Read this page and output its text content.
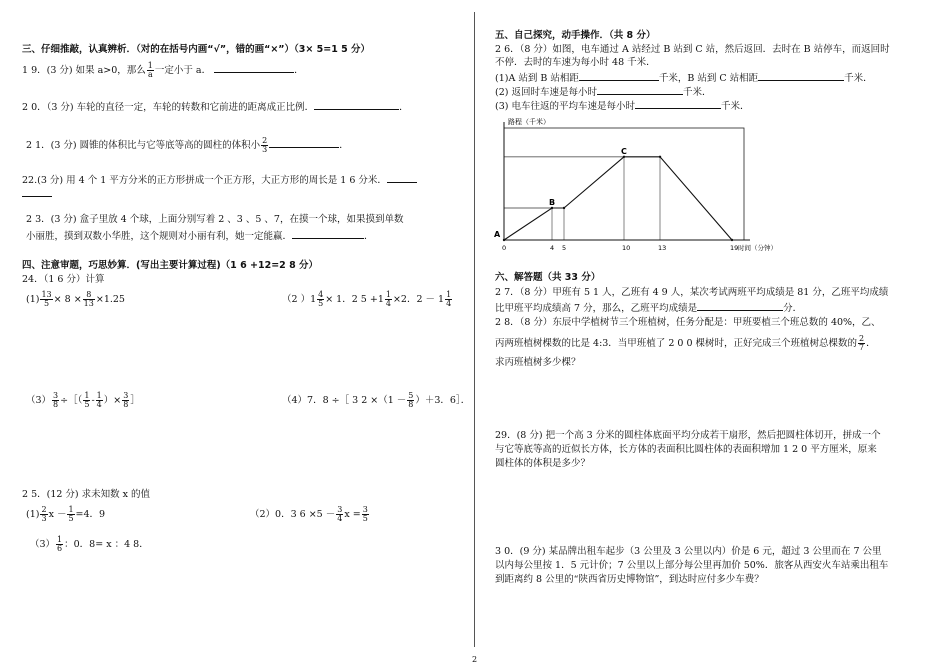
三、仔细推敲，认真辨析．（对的在括号内画“√”，错的画“×”）（3× 5=1 5 分）
1 9．(3 分) 如果 a>0，那么 $\frac{1}{a}$ 一定小于 a．	．
2 0．（3 分) 车轮的直径一定，车轮的转数和它前进的距离成正比例．	．
2 1．(3 分) 圆锥的体积比与它等底等高的圆柱的体积小 $\frac{2}{3}$	．
22.(3 分) 用 4 个 1 平方分米的正方形拼成一个正方形，大正方形的周长是 1 6 分米．
2 3．(3 分) 盒子里放 4 个球，上面分别写着 2 、3 、5 、7，在摸一个球，如果摸到单数
小丽胜，摸到双数小华胜，这个规则对小丽有利，她一定能赢．	．
四、注意审题，巧思妙算．(写出主要计算过程)（1 6 +12=2 8 分）
24．（1 6 分）计算
$(1) \frac{13}{5} \times 8 \times \frac{8}{13} \times 1.25$	（2 ）$1 \frac{4}{5} \times 1$．2 $5 +1 \frac{1}{4} \times 2$．$2 - 1 \frac{1}{4}$
$(3) \frac{3}{8}$ ÷［（ $\frac{1}{5} - \frac{1}{4}$ ）× $\frac{3}{8}$ ］	（4）7．8 ÷［ 3 $2 \times(1 - \frac{5}{8} )+3$．6］．
2 5．(12 分) 求未知数 x 的值
$(1) \frac{2}{3}$ $x - \frac{1}{5} =4$．9	（2）0．3 $6 \times 5 - \frac{3}{4}$ $x = \frac{3}{5}$
$(3) \frac{1}{6}$ ：0．8= x ：4 8．
五、自己探究，动手操作．（共 8 分）
2 6．（8 分）如图，电车通过 A 站经过 B 站到 C 站，然后返回．去时在 B 站停车，而返回时
不停．去时的车速为每小时 48 千米．
(1)A 站到 B 站相距	千米，B 站到 C 站相距	千米．
(2) 返回时车速是每小时	千米．
(3) 电车往返的平均车速是每小时	千米．
A
B
C
0	4 5	10	13	19
路程（千米）
时间（分钟）
六、解答题（共 33 分）
2 7．（8 分）甲班有 5 1 人，乙班有 4 9 人，某次考试两班平均成绩是 81 分，乙班平均成绩
比甲班平均成绩高 7 分，那么，乙班平均成绩是	分．
2 8．（8 分）东辰中学植树节三个班植树，任务分配是：甲班要植三个班总数的 40%，乙、
丙两班植树棵数的比是 4:3．当甲班植了 2 0 0 棵树时，正好完成三个班植树总棵数的 $\frac{2}{7}$ ．
求丙班植树多少棵？
29．(8 分) 把一个高 3 分米的圆柱体底面平均分成若干扇形，然后把圆柱体切开，拼成一个
与它等底等高的近似长方体，长方体的表面积比圆柱体的表面积增加 1 2 0 平方厘米，原来
圆柱体的体积是多少？
3 0．(9 分) 某品牌出租车起步（3 公里及 3 公里以内）价是 6 元，超过 3 公里而在 7 公里
以内每公里按 1．5 元计价；7 公里以上部分每公里再加价 50%．旅客从西安火车站乘出租车
到距离约 8 公里的“陕西省历史博物馆”，到达时应付多少车费？
2
